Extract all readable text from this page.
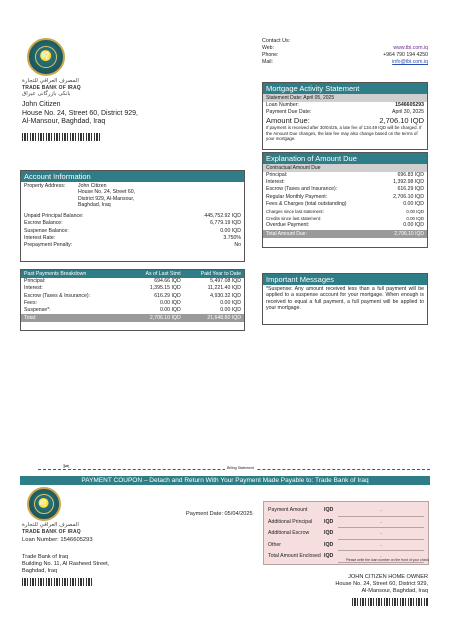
♌
المصرف العراقي للتجارة
TRADE BANK OF IRAQ
بانكى بازرگانى عيراق
John Citizen
House No. 24, Street 60, District 929,
Al-Mansour, Baghdad, Iraq
Contact Us:
Web:	www.tbi.com.iq
Phone:	+964 790 194 4250
Mail:	info@tbi.com.iq
Mortgage Activity Statement
Statement Date: April 05, 2025
Loan Number:	1546605293
Payment Due Date:	April 30, 2025
Amount Due:	2,706.10 IQD
If payment is received after 30/04/25, a late fee of 134.49 IQD will be charged. If the Amount Due changes, the late fee may also change based on the terms of your mortgage.
Explanation of Amount Due
Contractual Amount Due
Principal:	696.83 IQD
Interest:	1,392.98 IQD
Escrow (Taxes and Insurance):	616.29 IQD
Regular Monthly Payment:	2,706.10 IQD
Fees & Charges (total outstanding)	0.00 IQD
Charges since last statement:	0.00 IQD
Credits since last statement:	0.00 IQD
Overdue Payment:	0.00 IQD
Total Amount Due:	2,706.10 IQD
Account Information
Property Address:	John Citizen
House No. 24, Street 60,
District 929, Al-Mansour,
Baghdad, Iraq
Unpaid Principal Balance:	445,752.92 IQD
Escrow Balance:	6,779.19 IQD
Suspense Balance:	0.00 IQD
Interest Rate:	3.750%
Prepayment Penalty:	No
Past Payments Breakdown	As of Last Stmt	Paid Year to Date
Principal:	694.66 IQD	5,497.08 IQD
Interest:	1,395.15 IQD	11,221.40 IQD
Escrow (Taxes & Insurance):	616.29 IQD	4,930.32 IQD
Fees:	0.00 IQD	0.00 IQD
Suspense*:	0.00 IQD	0.00 IQD
Total:	2,706.10 IQD	21,648.80 IQD
Important Messages
*Suspense: Any amount received less than a full payment will be applied to a suspense account for your mortgage. When enough is received to equal a full payment, a full payment will be applied to your mortgage.
✂	Billing Statement
PAYMENT COUPON – Detach and Return With Your Payment Made Payable to: Trade Bank of Iraq
♌
المصرف العراقي للتجارة
TRADE BANK OF IRAQ
Loan Number: 1546605293
Payment Date: 05/04/2025
Trade Bank of Iraq
Building No. 11, Al Rasheed Street,
Baghdad, Iraq
Payment Amount	IQD	.
Additional Principal	IQD	.
Additional Escrow	IQD	.
Other	IQD	.
Total Amount Enclosed IQD	.
Please write the loan number on the front of your check
JOHN CITIZEN HOME OWNER
House No. 24, Street 60, District 929,
Al-Mansour, Baghdad, Iraq
